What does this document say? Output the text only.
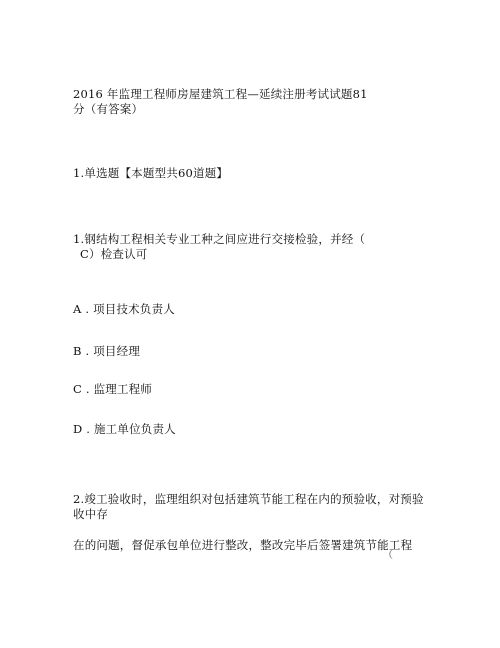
2016 年监理工程师房屋建筑工程—延续注册考试试题81
分（有答案）
1.单选题【本题型共60道题】
1.钢结构工程相关专业工种之间应进行交接检验，并经（
C）检查认可
A . 项目技术负责人
B . 项目经理
C . 监理工程师
D . 施工单位负责人
2.竣工验收时，监理组织对包括建筑节能工程在内的预验收，对预验
收中存
在的问题，督促承包单位进行整改，整改完毕后签署建筑节能工程
（
